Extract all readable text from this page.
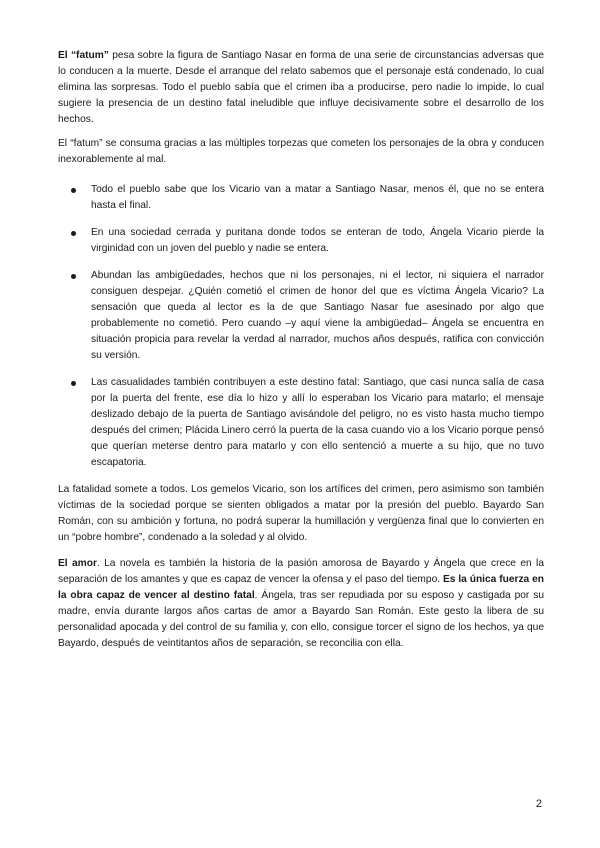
El “fatum” pesa sobre la figura de Santiago Nasar en forma de una serie de circunstancias adversas que lo conducen a la muerte. Desde el arranque del relato sabemos que el personaje está condenado, lo cual elimina las sorpresas. Todo el pueblo sabía que el crimen iba a producirse, pero nadie lo impide, lo cual sugiere la presencia de un destino fatal ineludible que influye decisivamente sobre el desarrollo de los hechos.

El “fatum” se consuma gracias a las múltiples torpezas que cometen los personajes de la obra y conducen inexorablemente al mal.

Todo el pueblo sabe que los Vicario van a matar a Santiago Nasar, menos él, que no se entera hasta el final.

En una sociedad cerrada y puritana donde todos se enteran de todo, Ángela Vicario pierde la virginidad con un joven del pueblo y nadie se entera.

Abundan las ambigüedades, hechos que ni los personajes, ni el lector, ni siquiera el narrador consiguen despejar. ¿Quién cometió el crimen de honor del que es víctima Ángela Vicario? La sensación que queda al lector es la de que Santiago Nasar fue asesinado por algo que probablemente no cometió. Pero cuando –y aquí viene la ambigüedad– Ángela se encuentra en situación propicia para revelar la verdad al narrador, muchos años después, ratifica con convicción su versión.

Las casualidades también contribuyen a este destino fatal: Santiago, que casi nunca salía de casa por la puerta del frente, ese día lo hizo y allí lo esperaban los Vicario para matarlo; el mensaje deslizado debajo de la puerta de Santiago avisándole del peligro, no es visto hasta mucho tiempo después del crimen; Plácida Linero cerró la puerta de la casa cuando vio a los Vicario porque pensó que querían meterse dentro para matarlo y con ello sentenció a muerte a su hijo, que no tuvo escapatoria.

La fatalidad somete a todos. Los gemelos Vicario, son los artífices del crimen, pero asimismo son también víctimas de la sociedad porque se sienten obligados a matar por la presión del pueblo. Bayardo San Román, con su ambición y fortuna, no podrá superar la humillación y vergüenza final que lo convierten en un “pobre hombre”, condenado a la soledad y al olvido.

El amor. La novela es también la historia de la pasión amorosa de Bayardo y Ángela que crece en la separación de los amantes y que es capaz de vencer la ofensa y el paso del tiempo. Es la única fuerza en la obra capaz de vencer al destino fatal. Ángela, tras ser repudiada por su esposo y castigada por su madre, envía durante largos años cartas de amor a Bayardo San Román. Este gesto la libera de su personalidad apocada y del control de su familia y, con ello, consigue torcer el signo de los hechos, ya que Bayardo, después de veintitantos años de separación, se reconcilia con ella.

2
